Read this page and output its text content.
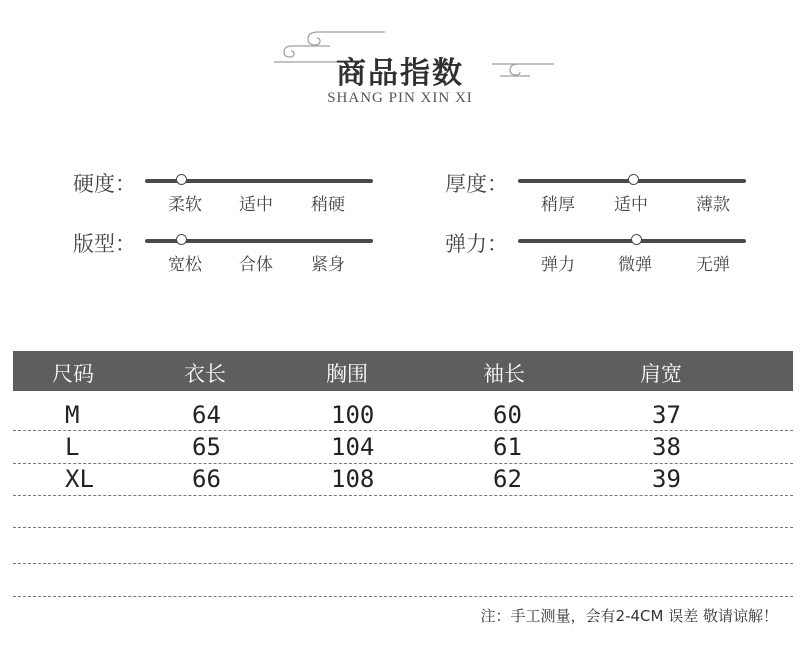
商品指数
SHANG PIN XIN XI
硬度：
柔软	适中	稍硬
厚度：
稍厚	适中	薄款
版型：
宽松	合体	紧身
弹力：
弹力	微弹	无弹
尺码	衣长	胸围	袖长	肩宽
M	64	100	60	37
L	65	104	61	38
XL	66	108	62	39
注：手工测量，会有2-4CM 误差 敬请谅解！
